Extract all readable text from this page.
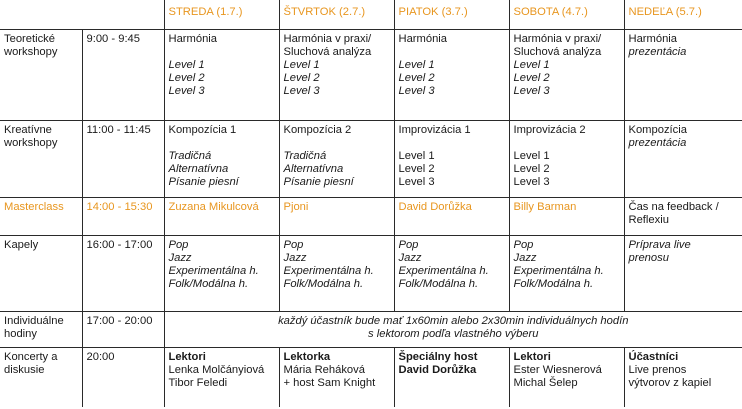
		STREDA (1.7.)	ŠTVRTOK (2.7.)	PIATOK (3.7.)	SOBOTA (4.7.)	NEDEĽA (5.7.)

Teoretické
workshopy	9:00 - 9:45	Harmónia
Level 1
Level 2
Level 3	Harmónia v praxi/
Sluchová analýza
Level 1
Level 2
Level 3	Harmónia
Level 1
Level 2
Level 3	Harmónia v praxi/
Sluchová analýza
Level 1
Level 2
Level 3	Harmónia
prezentácia

Kreatívne
workshopy	11:00 - 11:45	Kompozícia 1
Tradičná
Alternatívna
Písanie piesní	Kompozícia 2
Tradičná
Alternatívna
Písanie piesní	Improvizácia 1
Level 1
Level 2
Level 3	Improvizácia 2
Level 1
Level 2
Level 3	Kompozícia
prezentácia

Masterclass	14:00 - 15:30	Zuzana Mikulcová	Pjoni	David Dorůžka	Billy Barman	Čas na feedback /
Reflexiu

Kapely	16:00 - 17:00	Pop
Jazz
Experimentálna h.
Folk/Modálna h.	Pop
Jazz
Experimentálna h.
Folk/Modálna h.	Pop
Jazz
Experimentálna h.
Folk/Modálna h.	Pop
Jazz
Experimentálna h.
Folk/Modálna h.	Príprava live
prenosu

Individuálne
hodiny	17:00 - 20:00	každý účastník bude mať 1x60min alebo 2x30min individuálnych hodín
s lektorom podľa vlastného výberu				

Koncerty a
diskusie	20:00	Lektori
Lenka Molčányiová
Tibor Feledi	Lektorka
Mária Reháková
+ host Sam Knight	Špeciálny host
David Dorůžka	Lektori
Ester Wiesnerová
Michal Šelep	Účastníci
Live prenos
výtvorov z kapiel
